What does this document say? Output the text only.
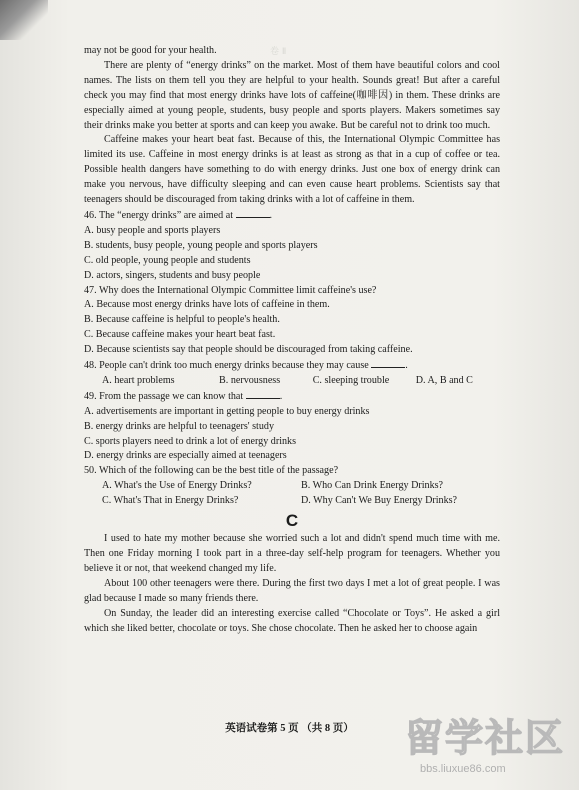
卷 Ⅱ

may not be good for your health.

There are plenty of “energy drinks” on the market. Most of them have beautiful colors and cool names. The lists on them tell you they are helpful to your health. Sounds great! But after a careful check you may find that most energy drinks have lots of caffeine(咖啡因) in them. These drinks are especially aimed at young people, students, busy people and sports players. Makers sometimes say their drinks make you better at sports and can keep you awake. But be careful not to drink too much.

Caffeine makes your heart beat fast. Because of this, the International Olympic Committee has limited its use. Caffeine in most energy drinks is at least as strong as that in a cup of coffee or tea. Possible health dangers have something to do with energy drinks. Just one box of energy drink can make you nervous, have difficulty sleeping and can even cause heart problems. Scientists say that teenagers should be discouraged from taking drinks with a lot of caffeine in them.

46. The “energy drinks” are aimed at	.

A. busy people and sports players

B. students, busy people, young people and sports players

C. old people, young people and students

D. actors, singers, students and busy people

47. Why does the International Olympic Committee limit caffeine's use?

A. Because most energy drinks have lots of caffeine in them.

B. Because caffeine is helpful to people's health.

C. Because caffeine makes your heart beat fast.

D. Because scientists say that people should be discouraged from taking caffeine.

48. People can't drink too much energy drinks because they may cause	.

A. heart problems	B. nervousness	C. sleeping trouble	D. A, B and C

49. From the passage we can know that	.

A. advertisements are important in getting people to buy energy drinks

B. energy drinks are helpful to teenagers' study

C. sports players need to drink a lot of energy drinks

D. energy drinks are especially aimed at teenagers

50. Which of the following can be the best title of the passage?

A. What's the Use of Energy Drinks?	B. Who Can Drink Energy Drinks?
C. What's That in Energy Drinks?	D. Why Can't We Buy Energy Drinks?
C

I used to hate my mother because she worried such a lot and didn't spend much time with me. Then one Friday morning I took part in a three-day self-help program for teenagers. Whether you believe it or not, that weekend changed my life.

About 100 other teenagers were there. During the first two days I met a lot of great people. I was glad because I made so many friends there.

On Sunday, the leader did an interesting exercise called “Chocolate or Toys”. He asked a girl which she liked better, chocolate or toys. She chose chocolate. Then he asked her to choose again

英语试卷第 5 页 （共 8 页）	留学社区
bbs.liuxue86.com
